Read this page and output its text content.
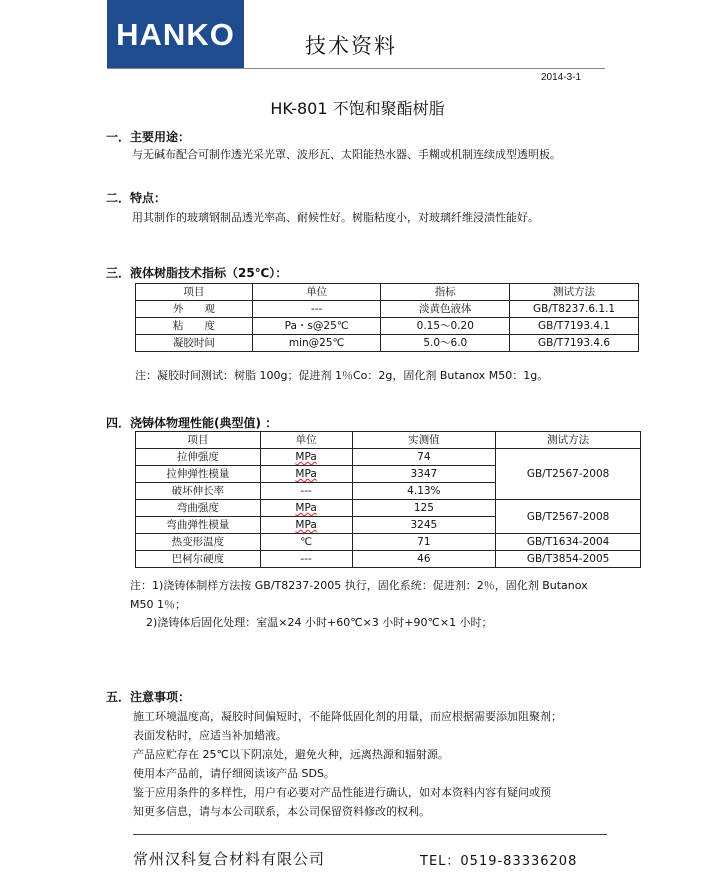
HANKO	技术资料
2014-3-1
HK-801 不饱和聚酯树脂
一．主要用途：
与无碱布配合可制作透光采光罩、波形瓦、太阳能热水器、手糊或机制连续成型透明板。
二．特点：
用其制作的玻璃钢制品透光率高、耐候性好。树脂粘度小，对玻璃纤维浸渍性能好。
三．液体树脂技术指标（25℃）：
项目	单位	指标	测试方法
外　　观	---	淡黄色液体	GB/T8237.6.1.1
粘　　度	Pa・s@25℃	0.15～0.20	GB/T7193.4.1
凝胶时间	min@25℃	5.0～6.0	GB/T7193.4.6
注：凝胶时间测试：树脂 100g；促进剂 1％Co：2g，固化剂 Butanox M50：1g。
四．浇铸体物理性能(典型值) ：
项目	单位	实测值	测试方法
拉伸强度	MPa	74	GB/T2567-2008
拉伸弹性模量	MPa	3347	
破坏伸长率	---	4.13%	
弯曲强度	MPa	125	GB/T2567-2008
弯曲弹性模量	MPa	3245	
热变形温度	℃	71	GB/T1634-2004
巴柯尔硬度	---	46	GB/T3854-2005
注：1)浇铸体制样方法按 GB/T8237-2005 执行，固化系统：促进剂：2％，固化剂 Butanox
M50 1％；
2)浇铸体后固化处理：室温×24 小时+60℃×3 小时+90℃×1 小时；
五．注意事项：
施工环境温度高，凝胶时间偏短时，不能降低固化剂的用量，而应根据需要添加阻聚剂；
表面发粘时，应适当补加蜡液。
产品应贮存在 25℃以下阴凉处，避免火种，远离热源和辐射源。
使用本产品前，请仔细阅读该产品 SDS。
鉴于应用条件的多样性，用户有必要对产品性能进行确认，如对本资料内容有疑问或预
知更多信息，请与本公司联系，本公司保留资料修改的权利。
常州汉科复合材料有限公司	TEL：0519-83336208
